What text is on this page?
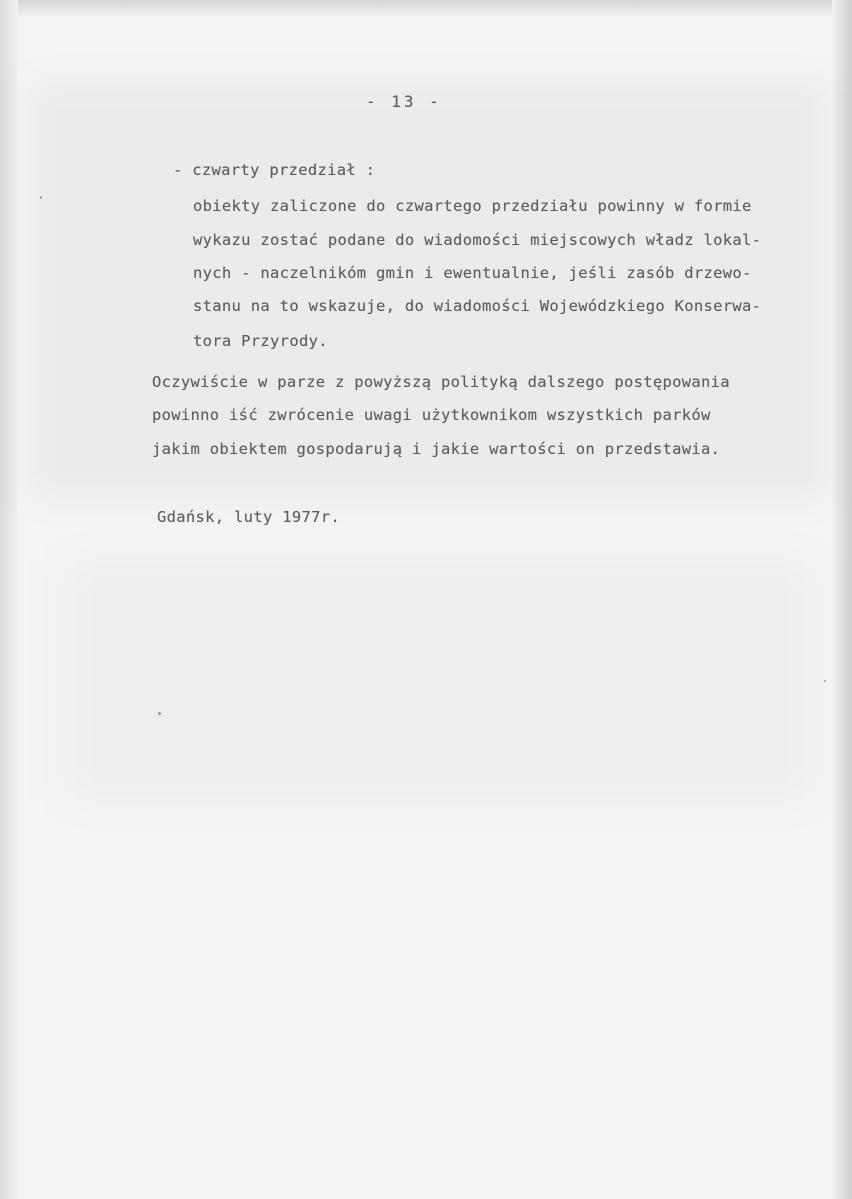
- 13 -
- czwarty przedział :
obiekty zaliczone do czwartego przedziału powinny w formie
wykazu zostać podane do wiadomości miejscowych władz lokal-
nych - naczelnikóm gmin i ewentualnie, jeśli zasób drzewo-
stanu na to wskazuje, do wiadomości Wojewódzkiego Konserwa-
tora Przyrody.
Oczywiście w parze z powyższą polityką dalszego postępowania
powinno iść zwrócenie uwagi użytkownikom wszystkich parków
jakim obiektem gospodarują i jakie wartości on przedstawia.
Gdańsk, luty 1977r.
